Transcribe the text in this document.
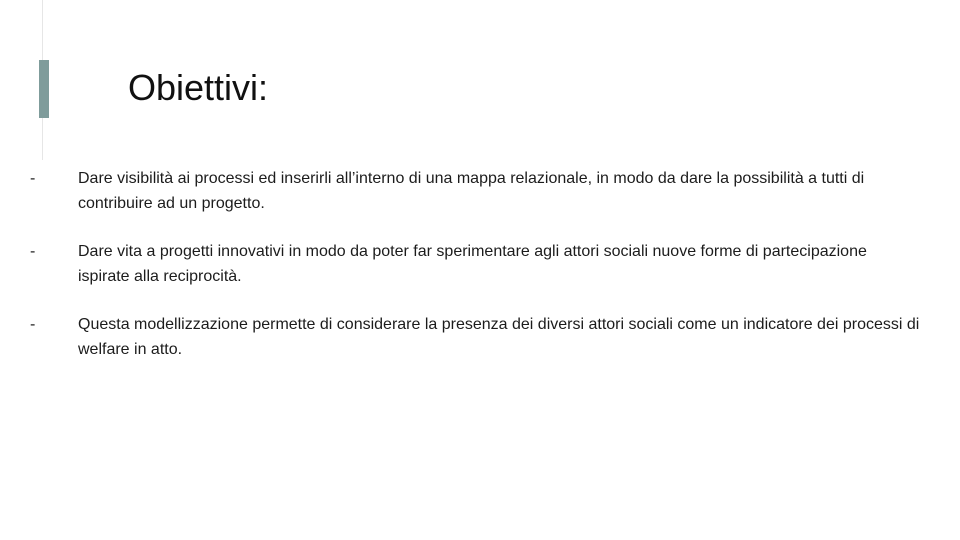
Obiettivi:
-	Dare visibilità ai processi ed inserirli all’interno di una mappa relazionale, in modo da dare la possibilità a tutti di contribuire ad un progetto.
-	Dare vita a progetti innovativi in modo da poter far sperimentare agli attori sociali nuove forme di partecipazione ispirate alla reciprocità.
-	Questa modellizzazione permette di considerare la presenza dei diversi attori sociali come un indicatore dei processi di welfare in atto.
